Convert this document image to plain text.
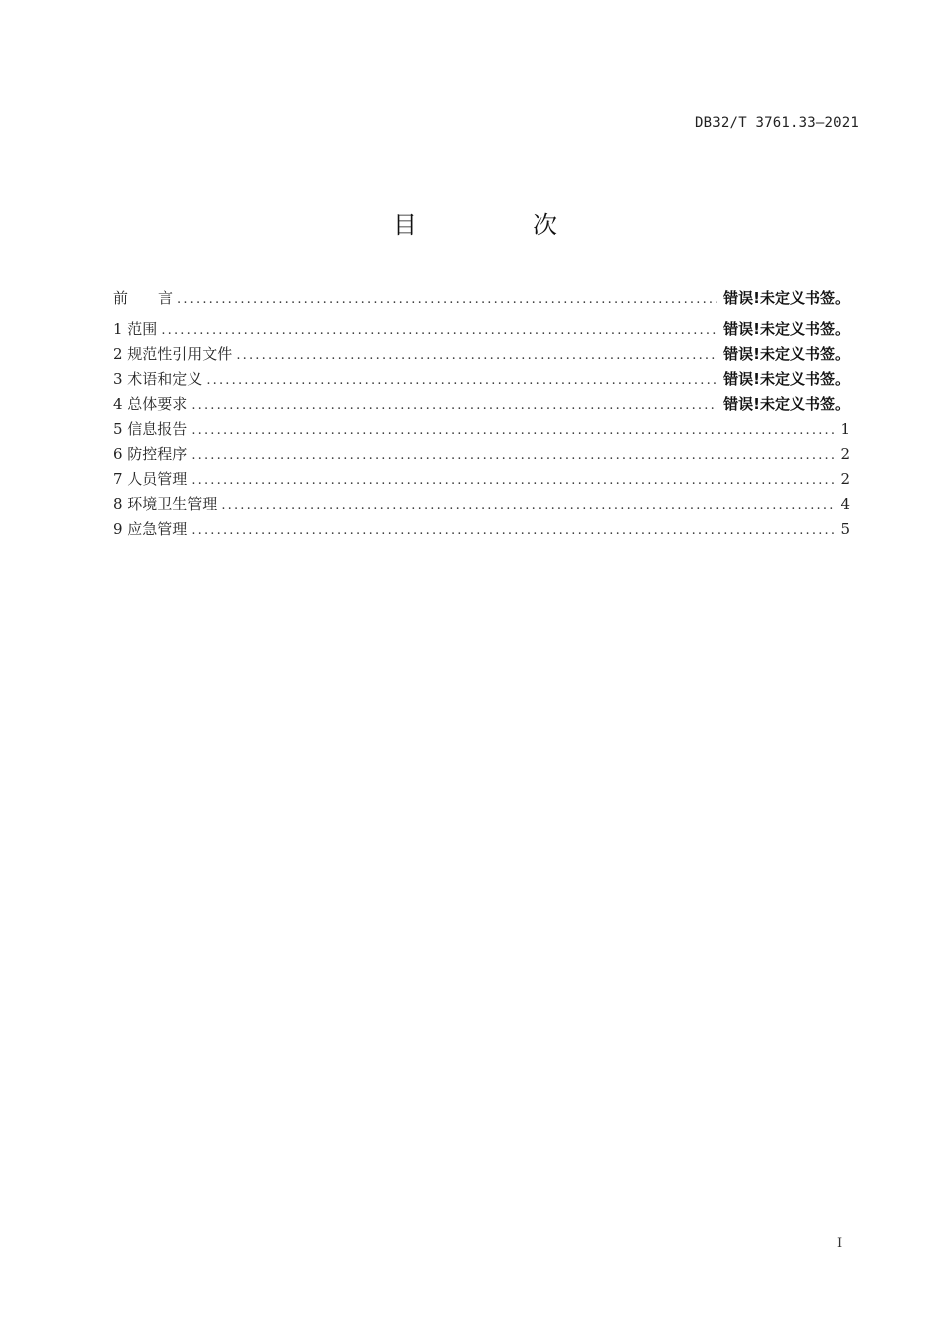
DB32/T 3761.33—2021
目　次
前　　言 .....	错误!未定义书签。
1 范围 .....	错误!未定义书签。
2 规范性引用文件 .....	错误!未定义书签。
3 术语和定义 .....	错误!未定义书签。
4 总体要求 .....	错误!未定义书签。
5 信息报告 .....	1
6 防控程序 .....	2
7 人员管理 .....	2
8 环境卫生管理 .....	4
9 应急管理 .....	5
I
